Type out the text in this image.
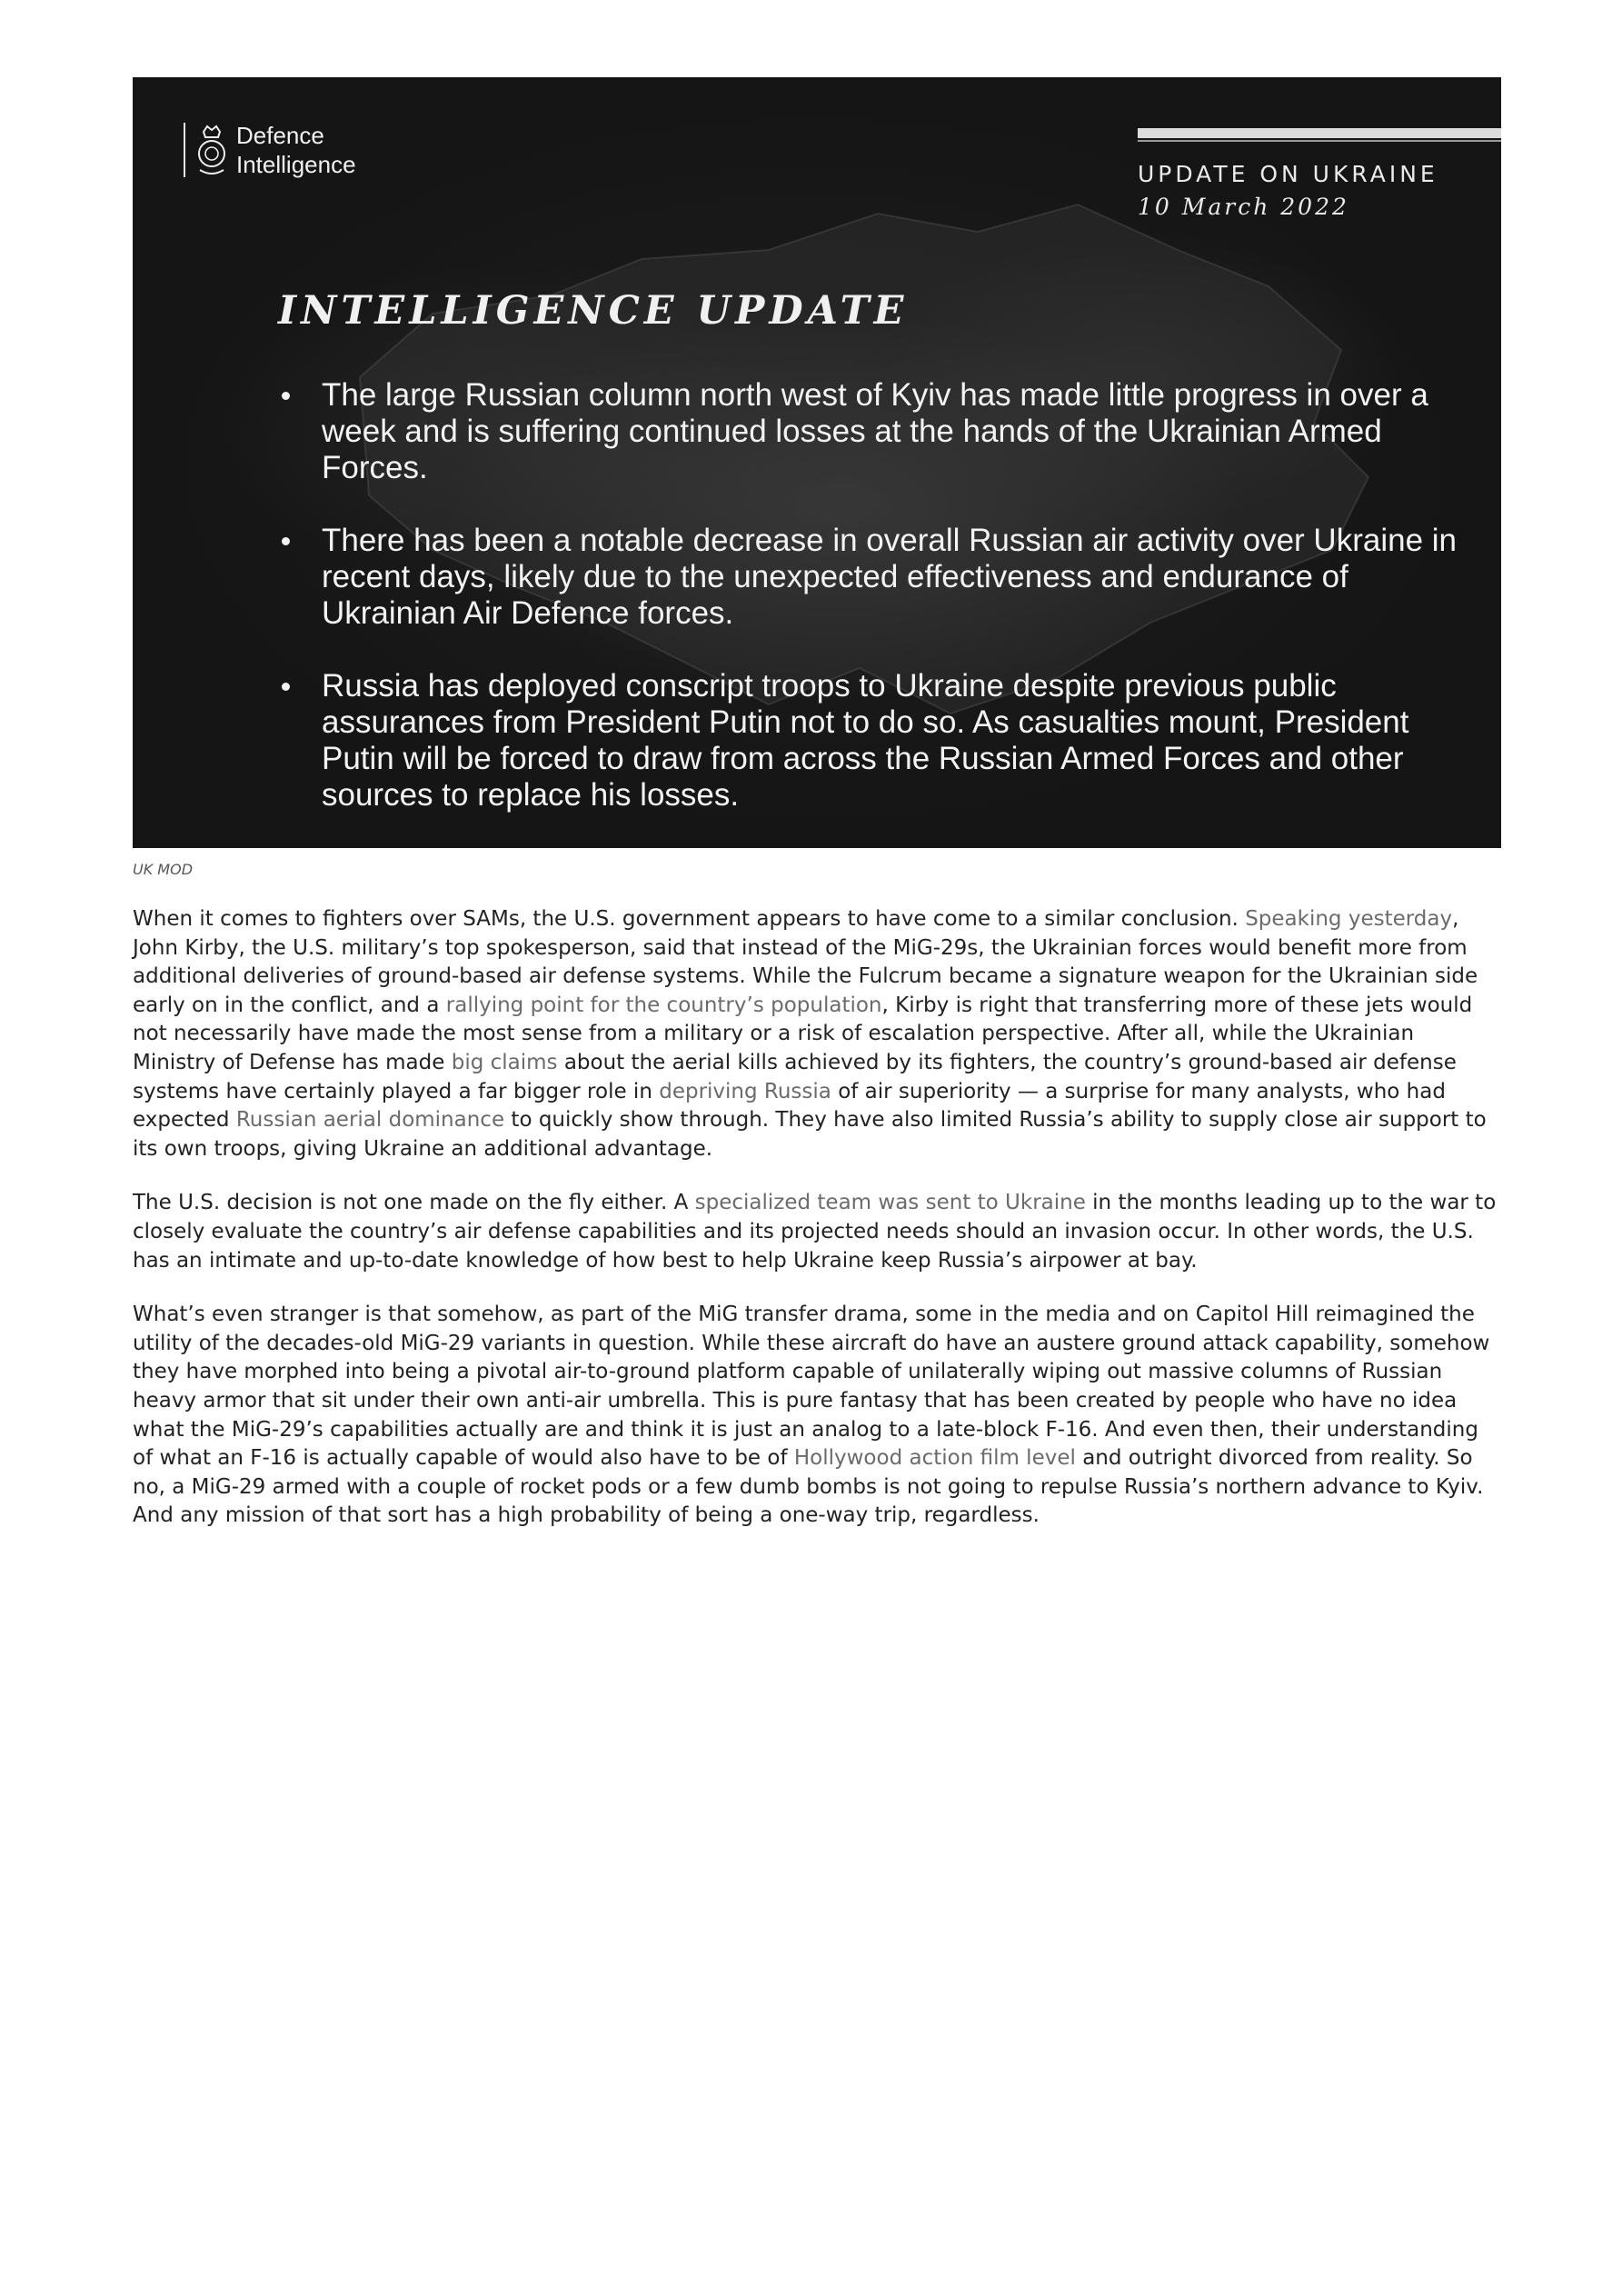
Defence
Intelligence	UPDATE ON UKRAINE
10 March 2022
INTELLIGENCE UPDATE
The large Russian column north west of Kyiv has made little progress in over a week and is suffering continued losses at the hands of the Ukrainian Armed Forces.
There has been a notable decrease in overall Russian air activity over Ukraine in recent days, likely due to the unexpected effectiveness and endurance of Ukrainian Air Defence forces.
Russia has deployed conscript troops to Ukraine despite previous public assurances from President Putin not to do so. As casualties mount, President Putin will be forced to draw from across the Russian Armed Forces and other sources to replace his losses.
UK MOD

When it comes to fighters over SAMs, the U.S. government appears to have come to a similar conclusion. Speaking yesterday, John Kirby, the U.S. military’s top spokesperson, said that instead of the MiG-29s, the Ukrainian forces would benefit more from additional deliveries of ground-based air defense systems. While the Fulcrum became a signature weapon for the Ukrainian side early on in the conflict, and a rallying point for the country’s population, Kirby is right that transferring more of these jets would not necessarily have made the most sense from a military or a risk of escalation perspective. After all, while the Ukrainian Ministry of Defense has made big claims about the aerial kills achieved by its fighters, the country’s ground-based air defense systems have certainly played a far bigger role in depriving Russia of air superiority — a surprise for many analysts, who had expected Russian aerial dominance to quickly show through. They have also limited Russia’s ability to supply close air support to its own troops, giving Ukraine an additional advantage.

The U.S. decision is not one made on the fly either. A specialized team was sent to Ukraine in the months leading up to the war to closely evaluate the country’s air defense capabilities and its projected needs should an invasion occur. In other words, the U.S. has an intimate and up-to-date knowledge of how best to help Ukraine keep Russia’s airpower at bay.

What’s even stranger is that somehow, as part of the MiG transfer drama, some in the media and on Capitol Hill reimagined the utility of the decades-old MiG-29 variants in question. While these aircraft do have an austere ground attack capability, somehow they have morphed into being a pivotal air-to-ground platform capable of unilaterally wiping out massive columns of Russian heavy armor that sit under their own anti-air umbrella. This is pure fantasy that has been created by people who have no idea what the MiG-29’s capabilities actually are and think it is just an analog to a late-block F-16. And even then, their understanding of what an F-16 is actually capable of would also have to be of Hollywood action film level and outright divorced from reality. So no, a MiG-29 armed with a couple of rocket pods or a few dumb bombs is not going to repulse Russia’s northern advance to Kyiv. And any mission of that sort has a high probability of being a one-way trip, regardless.
